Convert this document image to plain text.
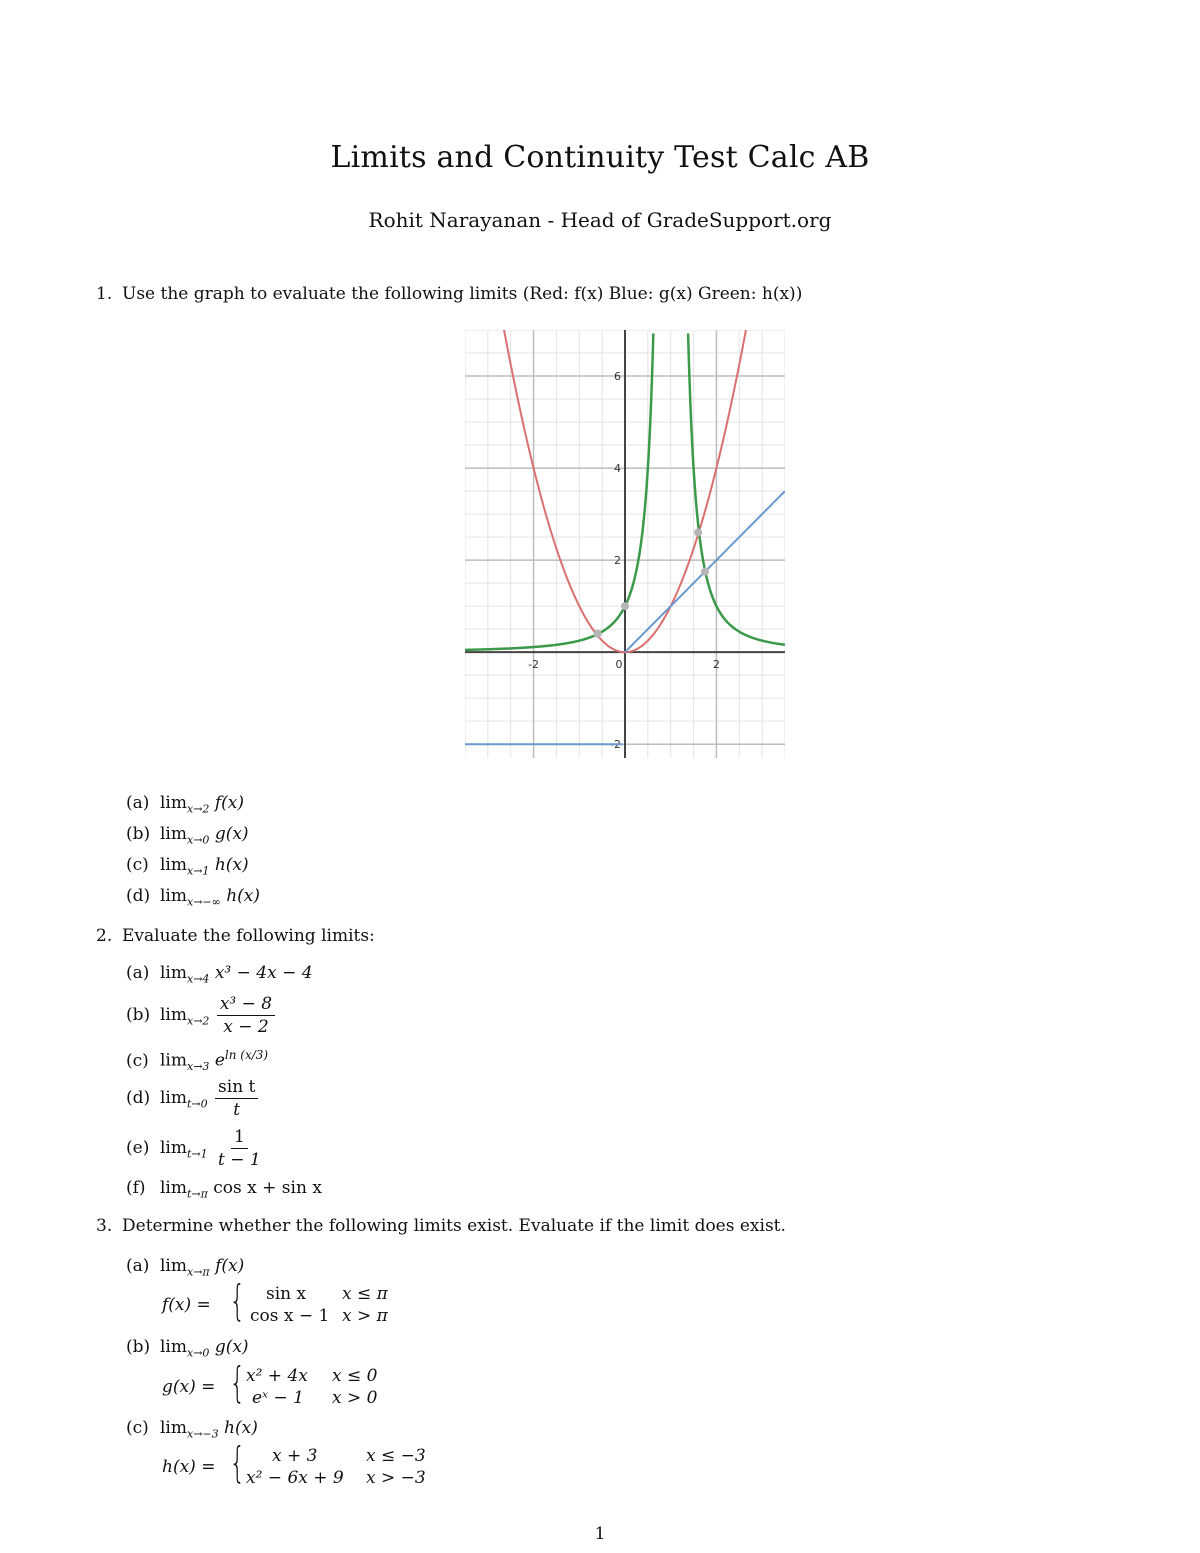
Limits and Continuity Test Calc AB
Rohit Narayanan - Head of GradeSupport.org
1. Use the graph to evaluate the following limits (Red: f(x) Blue: g(x) Green: h(x))
-2	0	2
6
4
2
-2
(a) $\lim_{x\to 2} f(x)$
(b) $\lim_{x\to 0} g(x)$
(c) $\lim_{x\to 1} h(x)$
(d) $\lim_{x\to-\infty} h(x)$
2. Evaluate the following limits:
(a) $\lim_{x\to 4} x^3 - 4x - 4$
(b) $\lim_{x\to 2} \frac{\text{x³ − 8}}{x - 2}$
(c) $\lim_{x\to 3} e^{ln (x/3)}$
(d) $\lim_{t\to 0} \frac{\text{sin t}}{t}$
(e) $\lim_{t\to 1} \frac{1}{t - 1}$
(f) $\lim_{t\to\pi} \cos x + \sin x$
3. Determine whether the following limits exist. Evaluate if the limit does exist.
(a) $\lim_{x\to\pi} f(x)$
f(x) = { sin x x ≤ π
cos x − 1 x > π
(b) $\lim_{x\to 0} g(x)$
g(x) = { x² + 4x x ≤ 0
eˣ − 1 x > 0
(c) $\lim_{x\to-3} h(x)$
h(x) = { x + 3	x ≤ −3
x² − 6x + 9 x > −3
1
